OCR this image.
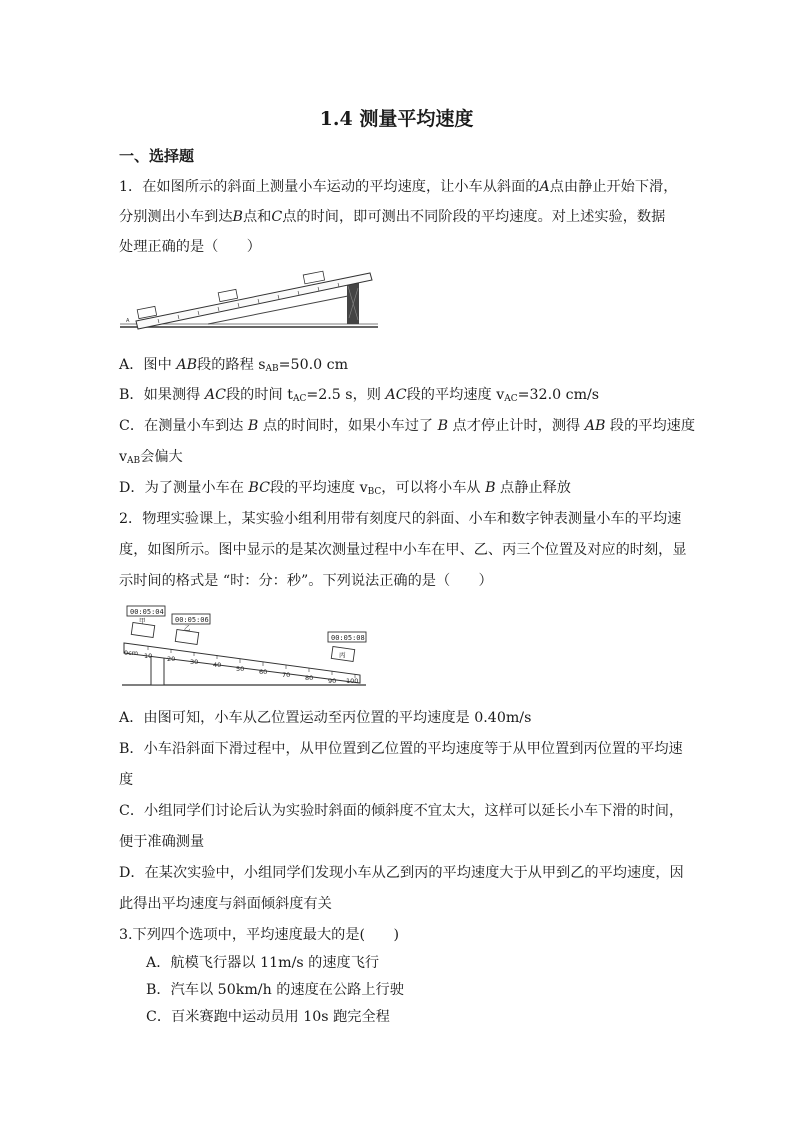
1.4 测量平均速度
一、选择题
1．在如图所示的斜面上测量小车运动的平均速度，让小车从斜面的A点由静止开始下滑，
分别测出小车到达B点和C点的时间，即可测出不同阶段的平均速度。对上述实验，数据
处理正确的是（　　）
A
A．图中 AB段的路程 $s_{AB}=50.0$ cm
B．如果测得 AC段的时间 $t_{AC}=2.5$ s，则 AC段的平均速度 $v_{AC}=32.0$ cm/s
C．在测量小车到达 B 点的时间时，如果小车过了 B 点才停止计时，测得 AB 段的平均速度
$v_{AB}$会偏大
D．为了测量小车在 BC段的平均速度 $v_{BC}$，可以将小车从 B 点静止释放
2．物理实验课上，某实验小组利用带有刻度尺的斜面、小车和数字钟表测量小车的平均速
度，如图所示。图中显示的是某次测量过程中小车在甲、乙、丙三个位置及对应的时刻，显
示时间的格式是 “时：分：秒”。下列说法正确的是（　　）
0cm 10 20 30 40 50 60 70 80 90 100
00:05:04
甲	00:05:06
乙
00:05:08
丙
A．由图可知，小车从乙位置运动至丙位置的平均速度是 0.40m/s
B．小车沿斜面下滑过程中，从甲位置到乙位置的平均速度等于从甲位置到丙位置的平均速
度
C．小组同学们讨论后认为实验时斜面的倾斜度不宜太大，这样可以延长小车下滑的时间，
便于准确测量
D．在某次实验中，小组同学们发现小车从乙到丙的平均速度大于从甲到乙的平均速度，因
此得出平均速度与斜面倾斜度有关
3.下列四个选项中，平均速度最大的是(　　)
A．航模飞行器以 11m/s 的速度飞行
B．汽车以 50km/h 的速度在公路上行驶
C．百米赛跑中运动员用 10s 跑完全程
